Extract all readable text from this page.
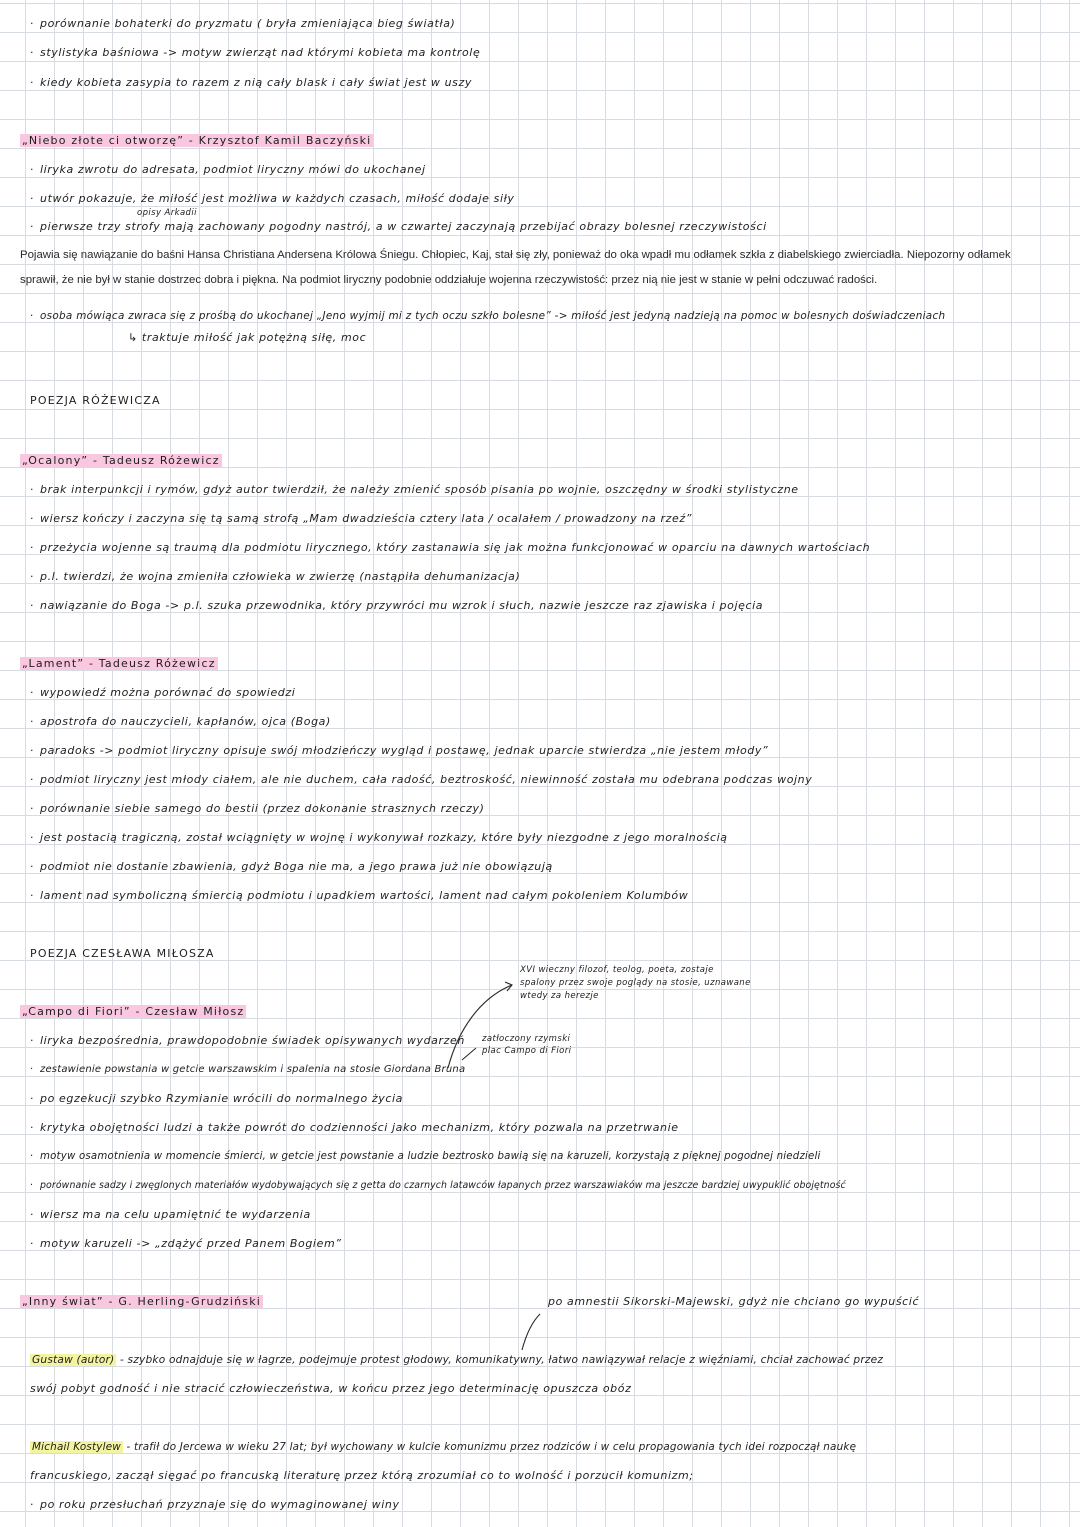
· porównanie bohaterki do pryzmatu ( bryła zmieniająca bieg światła)
· stylistyka baśniowa -> motyw zwierząt nad którymi kobieta ma kontrolę
· kiedy kobieta zasypia to razem z nią cały blask i cały świat jest w uszy
„Niebo złote ci otworzę” - Krzysztof Kamil Baczyński
· liryka zwrotu do adresata, podmiot liryczny mówi do ukochanej
· utwór pokazuje, że miłość jest możliwa w każdych czasach, miłość dodaje siły
opisy Arkadii
· pierwsze trzy strofy mają zachowany pogodny nastrój, a w czwartej zaczynają przebijać obrazy bolesnej rzeczywistości
Pojawia się nawiązanie do baśni Hansa Christiana Andersena Królowa Śniegu. Chłopiec, Kaj, stał się zły, ponieważ do oka wpadł mu odłamek szkła z diabelskiego zwierciadła. Niepozorny odłamek
sprawił, że nie był w stanie dostrzec dobra i piękna. Na podmiot liryczny podobnie oddziałuje wojenna rzeczywistość: przez nią nie jest w stanie w pełni odczuwać radości.
· osoba mówiąca zwraca się z prośbą do ukochanej „Jeno wyjmij mi z tych oczu szkło bolesne” -> miłość jest jedyną nadzieją na pomoc w bolesnych doświadczeniach
↳ traktuje miłość jak potężną siłę, moc
POEZJA RÓŻEWICZA
„Ocalony” - Tadeusz Różewicz
· brak interpunkcji i rymów, gdyż autor twierdził, że należy zmienić sposób pisania po wojnie, oszczędny w środki stylistyczne
· wiersz kończy i zaczyna się tą samą strofą „Mam dwadzieścia cztery lata / ocalałem / prowadzony na rzeź”
· przeżycia wojenne są traumą dla podmiotu lirycznego, który zastanawia się jak można funkcjonować w oparciu na dawnych wartościach
· p.l. twierdzi, że wojna zmieniła człowieka w zwierzę (nastąpiła dehumanizacja)
· nawiązanie do Boga -> p.l. szuka przewodnika, który przywróci mu wzrok i słuch, nazwie jeszcze raz zjawiska i pojęcia
„Lament” - Tadeusz Różewicz
· wypowiedź można porównać do spowiedzi
· apostrofa do nauczycieli, kapłanów, ojca (Boga)
· paradoks -> podmiot liryczny opisuje swój młodzieńczy wygląd i postawę, jednak uparcie stwierdza „nie jestem młody”
· podmiot liryczny jest młody ciałem, ale nie duchem, cała radość, beztroskość, niewinność została mu odebrana podczas wojny
· porównanie siebie samego do bestii (przez dokonanie strasznych rzeczy)
· jest postacią tragiczną, został wciągnięty w wojnę i wykonywał rozkazy, które były niezgodne z jego moralnością
· podmiot nie dostanie zbawienia, gdyż Boga nie ma, a jego prawa już nie obowiązują
· lament nad symboliczną śmiercią podmiotu i upadkiem wartości, lament nad całym pokoleniem Kolumbów
POEZJA CZESŁAWA MIŁOSZA
XVI wieczny filozof, teolog, poeta, zostaje
spalony przez swoje poglądy na stosie, uznawane
wtedy za herezje
„Campo di Fiori” - Czesław Miłosz
zatłoczony rzymski
plac Campo di Fiori
· liryka bezpośrednia, prawdopodobnie świadek opisywanych wydarzeń
· zestawienie powstania w getcie warszawskim i spalenia na stosie Giordana Bruna
· po egzekucji szybko Rzymianie wrócili do normalnego życia
· krytyka obojętności ludzi a także powrót do codzienności jako mechanizm, który pozwala na przetrwanie
· motyw osamotnienia w momencie śmierci, w getcie jest powstanie a ludzie beztrosko bawią się na karuzeli, korzystają z pięknej pogodnej niedzieli
· porównanie sadzy i zwęglonych materiałów wydobywających się z getta do czarnych latawców łapanych przez warszawiaków ma jeszcze bardziej uwypuklić obojętność
· wiersz ma na celu upamiętnić te wydarzenia
· motyw karuzeli -> „zdążyć przed Panem Bogiem”
„Inny świat” - G. Herling-Grudziński	po amnestii Sikorski-Majewski, gdyż nie chciano go wypuścić
Gustaw (autor) - szybko odnajduje się w łagrze, podejmuje protest głodowy, komunikatywny, łatwo nawiązywał relacje z więźniami, chciał zachować przez
swój pobyt godność i nie stracić człowieczeństwa, w końcu przez jego determinację opuszcza obóz
Michail Kostylew - trafił do Jercewa w wieku 27 lat; był wychowany w kulcie komunizmu przez rodziców i w celu propagowania tych idei rozpoczął naukę
francuskiego, zaczął sięgać po francuską literaturę przez którą zrozumiał co to wolność i porzucił komunizm;
· po roku przesłuchań przyznaje się do wymaginowanej winy
